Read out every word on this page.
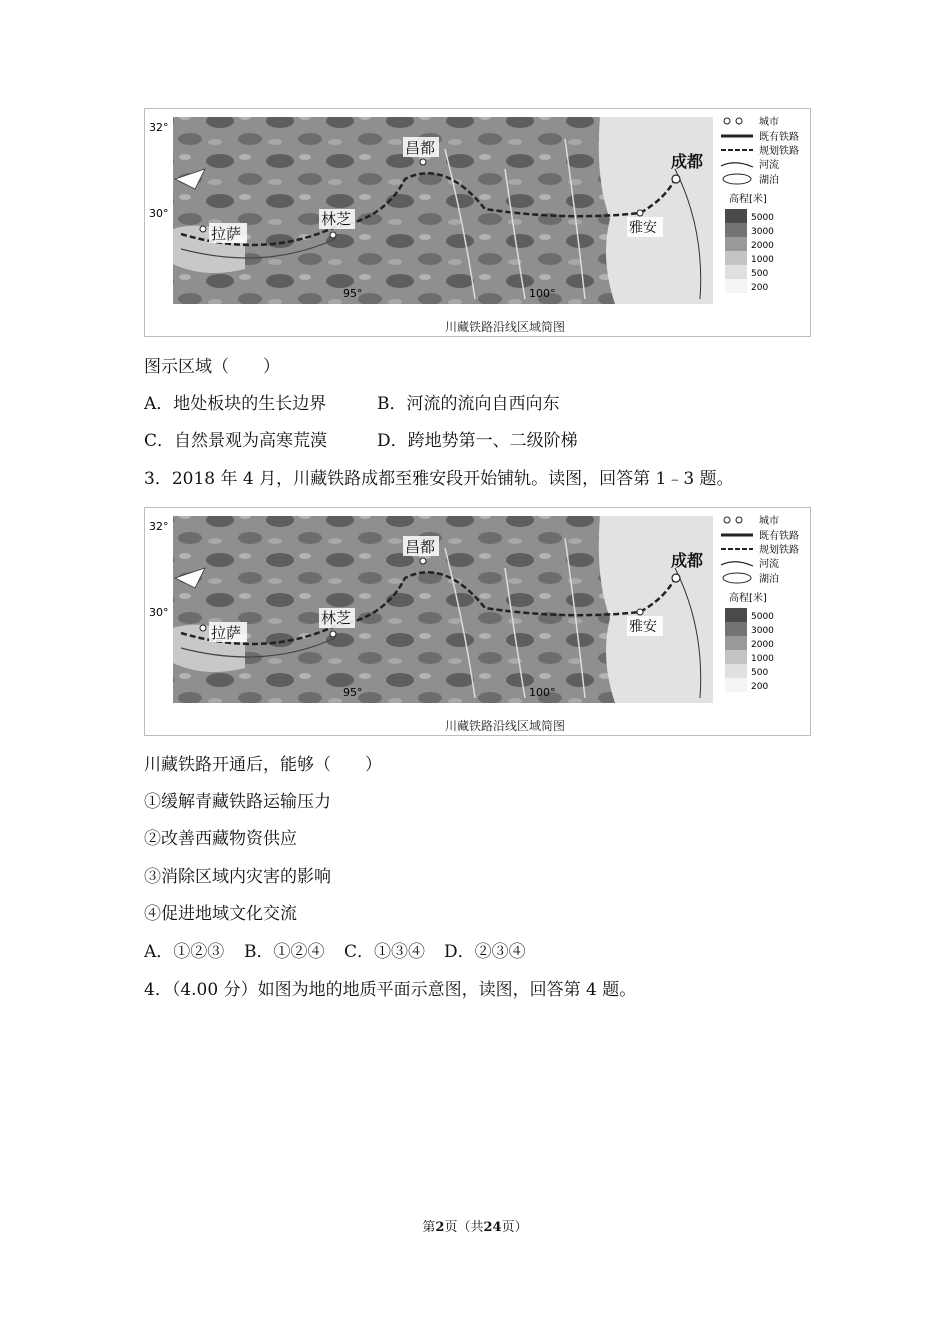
32°
30°
95°	100°
拉萨
林芝
昌都
成都
雅安
城市
既有铁路
规划铁路
河流
湖泊
高程[米]
5000
3000
2000
1000
500
200
川藏铁路沿线区域简图
图示区域（　　）
A．地处板块的生长边界	B．河流的流向自西向东
C．自然景观为高寒荒漠	D．跨地势第一、二级阶梯
3．2018 年 4 月，川藏铁路成都至雅安段开始铺轨。读图，回答第 1﹣3 题。
32°
30°
95°	100°
拉萨
林芝
昌都
成都
雅安
城市
既有铁路
规划铁路
河流
湖泊
高程[米]
5000
3000
2000
1000
500
200
川藏铁路沿线区域简图
川藏铁路开通后，能够（　　）
①缓解青藏铁路运输压力
②改善西藏物资供应
③消除区域内灾害的影响
④促进地域文化交流
A．①②③ B．①②④ C．①③④ D．②③④
4．（4.00 分）如图为地的地质平面示意图，读图，回答第 4 题。
第2页（共24页）
